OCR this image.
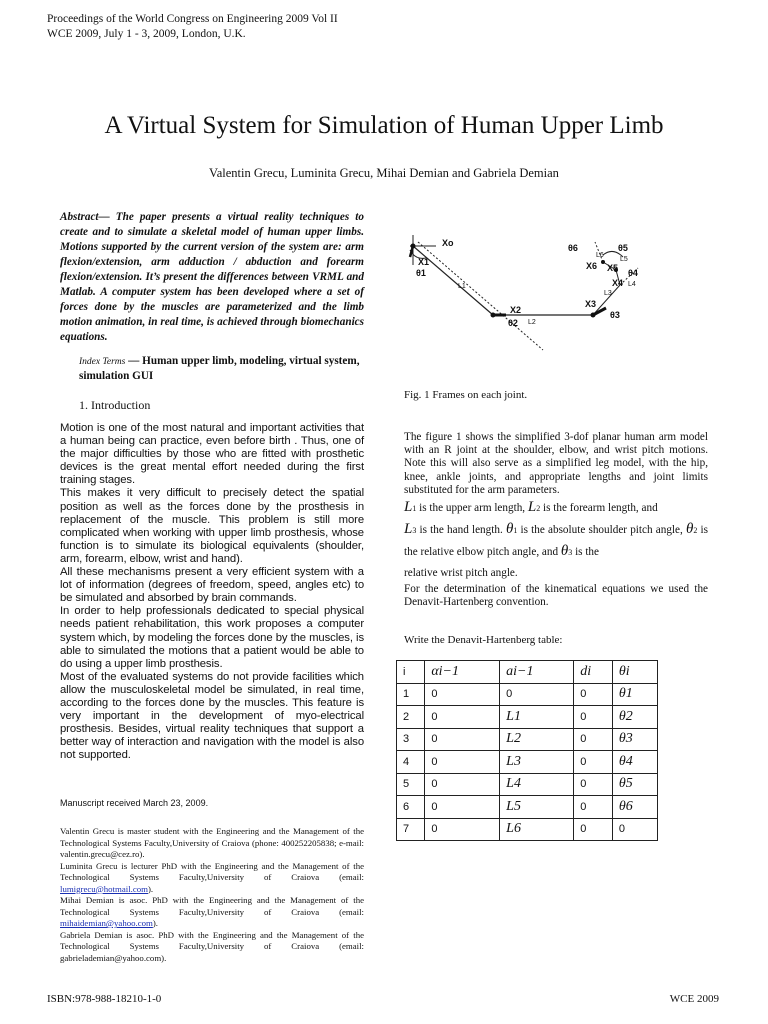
Proceedings of the World Congress on Engineering 2009 Vol II
WCE 2009, July 1 - 3, 2009, London, U.K.
A Virtual System for Simulation of Human Upper Limb
Valentin Grecu, Luminita Grecu, Mihai Demian and Gabriela Demian
Abstract— The paper presents a virtual reality techniques to create and to simulate a skeletal model of human upper limbs. Motions supported by the current version of the system are: arm flexion/extension, arm adduction / abduction and forearm flexion/extension. It’s present the differences between VRML and Matlab. A computer system has been developed where a set of forces done by the muscles are parameterized and the limb motion animation, in real time, is achieved through biomechanics equations.
Index Terms — Human upper limb, modeling, virtual system, simulation GUI
1. Introduction

Motion is one of the most natural and important activities that a human being can practice, even before birth . Thus, one of the major difficulties by those who are fitted with prosthetic devices is the great mental effort needed during the first training stages.

This makes it very difficult to precisely detect the spatial position as well as the forces done by the prosthesis in replacement of the muscle. This problem is still more complicated when working with upper limb prosthesis, whose function is to simulate its biological equivalents (shoulder, arm, forearm, elbow, wrist and hand).

All these mechanisms present a very efficient system with a lot of information (degrees of freedom, speed, angles etc) to be simulated and absorbed by brain commands.

In order to help professionals dedicated to special physical needs patient rehabilitation, this work proposes a computer system which, by modeling the forces done by the muscles, is able to simulated the motions that a patient would be able to do using a upper limb prosthesis.

Most of the evaluated systems do not provide facilities which allow the musculoskeletal model be simulated, in real time, according to the forces done by the muscles. This feature is very important in the development of myo-electrical prosthesis. Besides, virtual reality techniques that support a better way of interaction and navigation with the model is also not supported.

Manuscript received March 23, 2009.

Valentin Grecu is master student with the Engineering and the Management of the Technological Systems Faculty,University of Craiova (phone: 400252205838; e-mail: valentin.grecu@cez.ro).

Luminita Grecu is lecturer PhD with the Engineering and the Management of the Technological Systems Faculty,University of Craiova (email: lumigrecu@hotmail.com).

Mihai Demian is asoc. PhD with the Engineering and the Management of the Technological Systems Faculty,University of Craiova (email: mihaidemian@yahoo.com).

Gabriela Demian is asoc. PhD with the Engineering and the Management of the Technological Systems Faculty,University of Craiova (email: gabrielademian@yahoo.com).

Xo
X1
θ1
L1
X2
θ2 L2
X3
θ3
L3
X4
θ4
L4
X5
θ5
L5
X6
θ6
L6
Fig. 1 Frames on each joint.

The figure 1 shows the simplified 3-dof planar human arm model with an R joint at the shoulder, elbow, and wrist pitch motions. Note this will also serve as a simplified leg model, with the hip, knee, ankle joints, and appropriate lengths and joint limits substituted for the arm parameters.

L1 is the upper arm length, L2 is the forearm length, and
L3 is the hand length. θ1 is the absolute shoulder pitch angle, θ2 is the relative elbow pitch angle, and θ3 is the
relative wrist pitch angle.

For the determination of the kinematical equations we used the Denavit-Hartenberg convention.

Write the Denavit-Hartenberg table:
i	αi−1	ai−1	di	θi
1	0	0	0	θ1
2	0	L1	0	θ2
3	0	L2	0	θ3
4	0	L3	0	θ4
5	0	L4	0	θ5
6	0	L5	0	θ6
7	0	L6	0	0
ISBN:978-988-18210-1-0	WCE 2009
